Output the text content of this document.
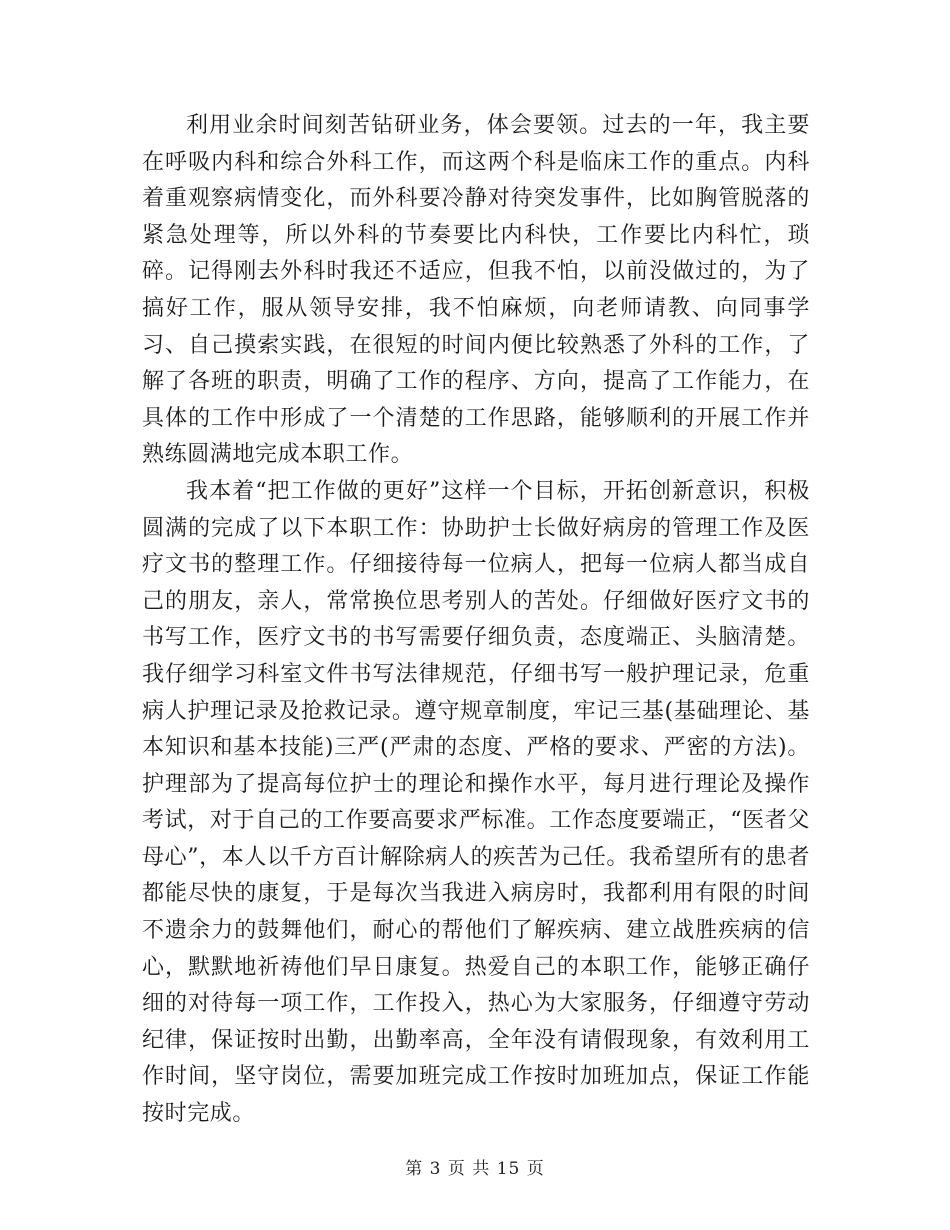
利用业余时间刻苦钻研业务，体会要领。过去的一年，我主要在呼吸内科和综合外科工作，而这两个科是临床工作的重点。内科着重观察病情变化，而外科要冷静对待突发事件，比如胸管脱落的紧急处理等，所以外科的节奏要比内科快，工作要比内科忙，琐碎。记得刚去外科时我还不适应，但我不怕，以前没做过的，为了搞好工作，服从领导安排，我不怕麻烦，向老师请教、向同事学习、自己摸索实践，在很短的时间内便比较熟悉了外科的工作，了解了各班的职责，明确了工作的程序、方向，提高了工作能力，在具体的工作中形成了一个清楚的工作思路，能够顺利的开展工作并熟练圆满地完成本职工作。

我本着“把工作做的更好”这样一个目标，开拓创新意识，积极圆满的完成了以下本职工作：协助护士长做好病房的管理工作及医疗文书的整理工作。仔细接待每一位病人，把每一位病人都当成自己的朋友，亲人，常常换位思考别人的苦处。仔细做好医疗文书的书写工作，医疗文书的书写需要仔细负责，态度端正、头脑清楚。我仔细学习科室文件书写法律规范，仔细书写一般护理记录，危重病人护理记录及抢救记录。遵守规章制度，牢记三基(基础理论、基本知识和基本技能)三严(严肃的态度、严格的要求、严密的方法)。护理部为了提高每位护士的理论和操作水平，每月进行理论及操作考试，对于自己的工作要高要求严标准。工作态度要端正，“医者父母心”，本人以千方百计解除病人的疾苦为己任。我希望所有的患者都能尽快的康复，于是每次当我进入病房时，我都利用有限的时间不遗余力的鼓舞他们，耐心的帮他们了解疾病、建立战胜疾病的信心，默默地祈祷他们早日康复。热爱自己的本职工作，能够正确仔细的对待每一项工作，工作投入，热心为大家服务，仔细遵守劳动纪律，保证按时出勤，出勤率高，全年没有请假现象，有效利用工作时间，坚守岗位，需要加班完成工作按时加班加点，保证工作能按时完成。

第 3 页 共 15 页
